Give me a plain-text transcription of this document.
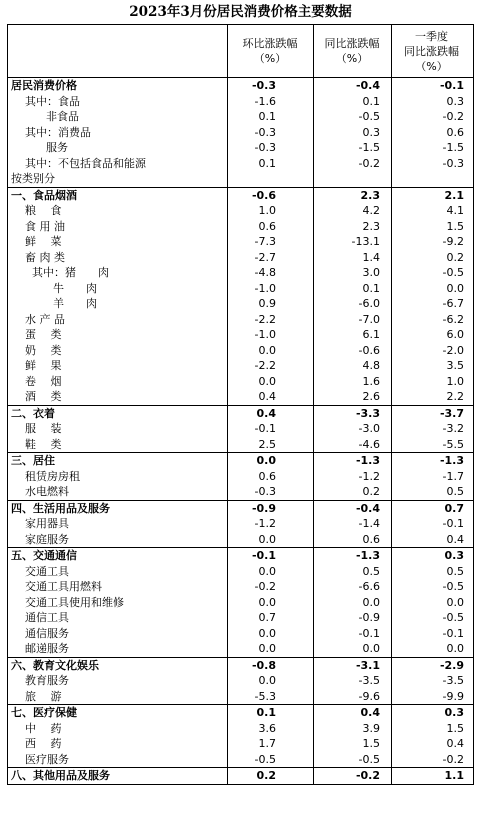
2023年3月份居民消费价格主要数据
环比涨跌幅
（%）
同比涨跌幅
（%）
一季度
同比涨跌幅
（%）
居民消费价格	-0.3	-0.4	-0.1
其中：食品	-1.6	0.1	0.3
非食品	0.1	-0.5	-0.2
其中：消费品	-0.3	0.3	0.6
服务	-0.3	-1.5	-1.5
其中：不包括食品和能源	0.1	-0.2	-0.3
按类别分
一、食品烟酒	-0.6	2.3	2.1
粮　 食	1.0	4.2	4.1
食 用 油	0.6	2.3	1.5
鲜　 菜	-7.3	-13.1	-9.2
畜 肉 类	-2.7	1.4	0.2
其中：猪　　肉	-4.8	3.0	-0.5
牛　　肉	-1.0	0.1	0.0
羊　　肉	0.9	-6.0	-6.7
水 产 品	-2.2	-7.0	-6.2
蛋　 类	-1.0	6.1	6.0
奶　 类	0.0	-0.6	-2.0
鲜　 果	-2.2	4.8	3.5
卷　 烟	0.0	1.6	1.0
酒　 类	0.4	2.6	2.2
二、衣着	0.4	-3.3	-3.7
服　 装	-0.1	-3.0	-3.2
鞋　 类	2.5	-4.6	-5.5
三、居住	0.0	-1.3	-1.3
租赁房房租	0.6	-1.2	-1.7
水电燃料	-0.3	0.2	0.5
四、生活用品及服务	-0.9	-0.4	0.7
家用器具	-1.2	-1.4	-0.1
家庭服务	0.0	0.6	0.4
五、交通通信	-0.1	-1.3	0.3
交通工具	0.0	0.5	0.5
交通工具用燃料	-0.2	-6.6	-0.5
交通工具使用和维修	0.0	0.0	0.0
通信工具	0.7	-0.9	-0.5
通信服务	0.0	-0.1	-0.1
邮递服务	0.0	0.0	0.0
六、教育文化娱乐	-0.8	-3.1	-2.9
教育服务	0.0	-3.5	-3.5
旅　 游	-5.3	-9.6	-9.9
七、医疗保健	0.1	0.4	0.3
中　 药	3.6	3.9	1.5
西　 药	1.7	1.5	0.4
医疗服务	-0.5	-0.5	-0.2
八、其他用品及服务	0.2	-0.2	1.1
